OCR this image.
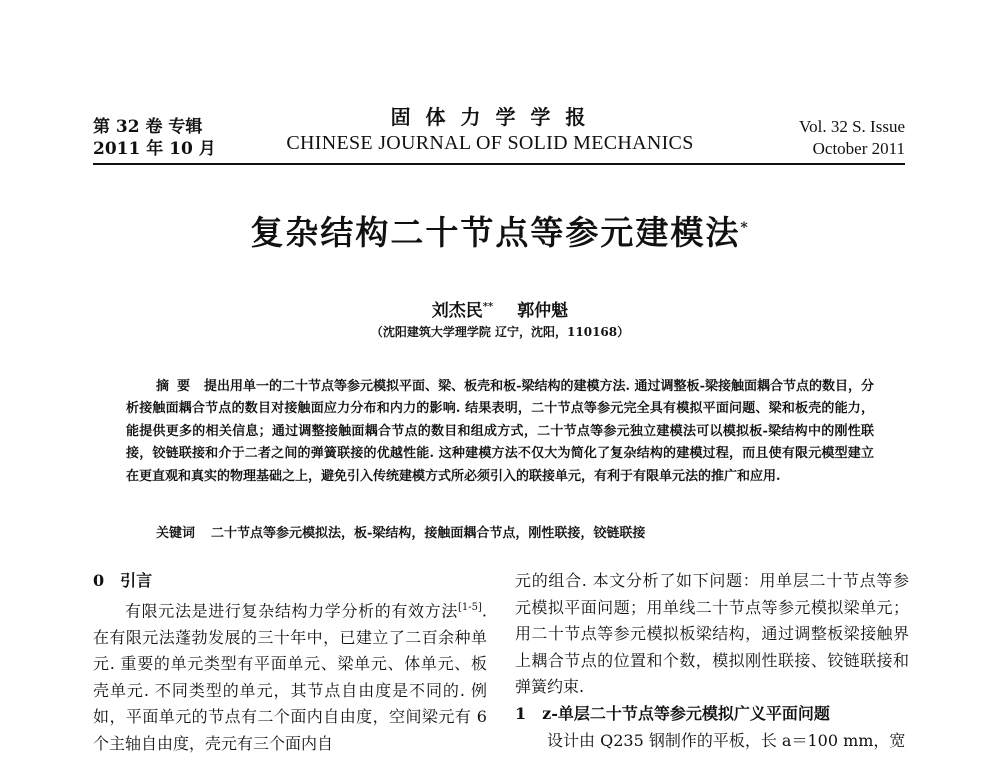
第 32 卷 专辑
2011 年 10 月
固 体 力 学 学 报
CHINESE JOURNAL OF SOLID MECHANICS
Vol. 32 S. Issue
October 2011
复杂结构二十节点等参元建模法*
刘杰民** 郭仲魁
（沈阳建筑大学理学院 辽宁，沈阳，110168）
摘要 提出用单一的二十节点等参元模拟平面、梁、板壳和板-梁结构的建模方法. 通过调整板-梁接触面耦合节点的数目，分析接触面耦合节点的数目对接触面应力分布和内力的影响. 结果表明，二十节点等参元完全具有模拟平面问题、梁和板壳的能力，能提供更多的相关信息；通过调整接触面耦合节点的数目和组成方式，二十节点等参元独立建模法可以模拟板-梁结构中的刚性联接，铰链联接和介于二者之间的弹簧联接的优越性能. 这种建模方法不仅大为简化了复杂结构的建模过程，而且使有限元模型建立在更直观和真实的物理基础之上，避免引入传统建模方式所必须引入的联接单元，有利于有限单元法的推广和应用.
关键词 二十节点等参元模拟法，板-梁结构，接触面耦合节点，刚性联接，铰链联接

0　引言

有限元法是进行复杂结构力学分析的有效方法[1-5]. 在有限元法蓬勃发展的三十年中，已建立了二百余种单元. 重要的单元类型有平面单元、梁单元、体单元、板壳单元. 不同类型的单元，其节点自由度是不同的. 例如，平面单元的节点有二个面内自由度，空间梁元有 6 个主轴自由度，壳元有三个面内自

元的组合. 本文分析了如下问题：用单层二十节点等参元模拟平面问题；用单线二十节点等参元模拟梁单元；用二十节点等参元模拟板梁结构，通过调整板梁接触界上耦合节点的位置和个数，模拟刚性联接、铰链联接和弹簧约束.

1　z-单层二十节点等参元模拟广义平面问题

设计由 Q235 钢制作的平板，长 a＝100 mm，宽
